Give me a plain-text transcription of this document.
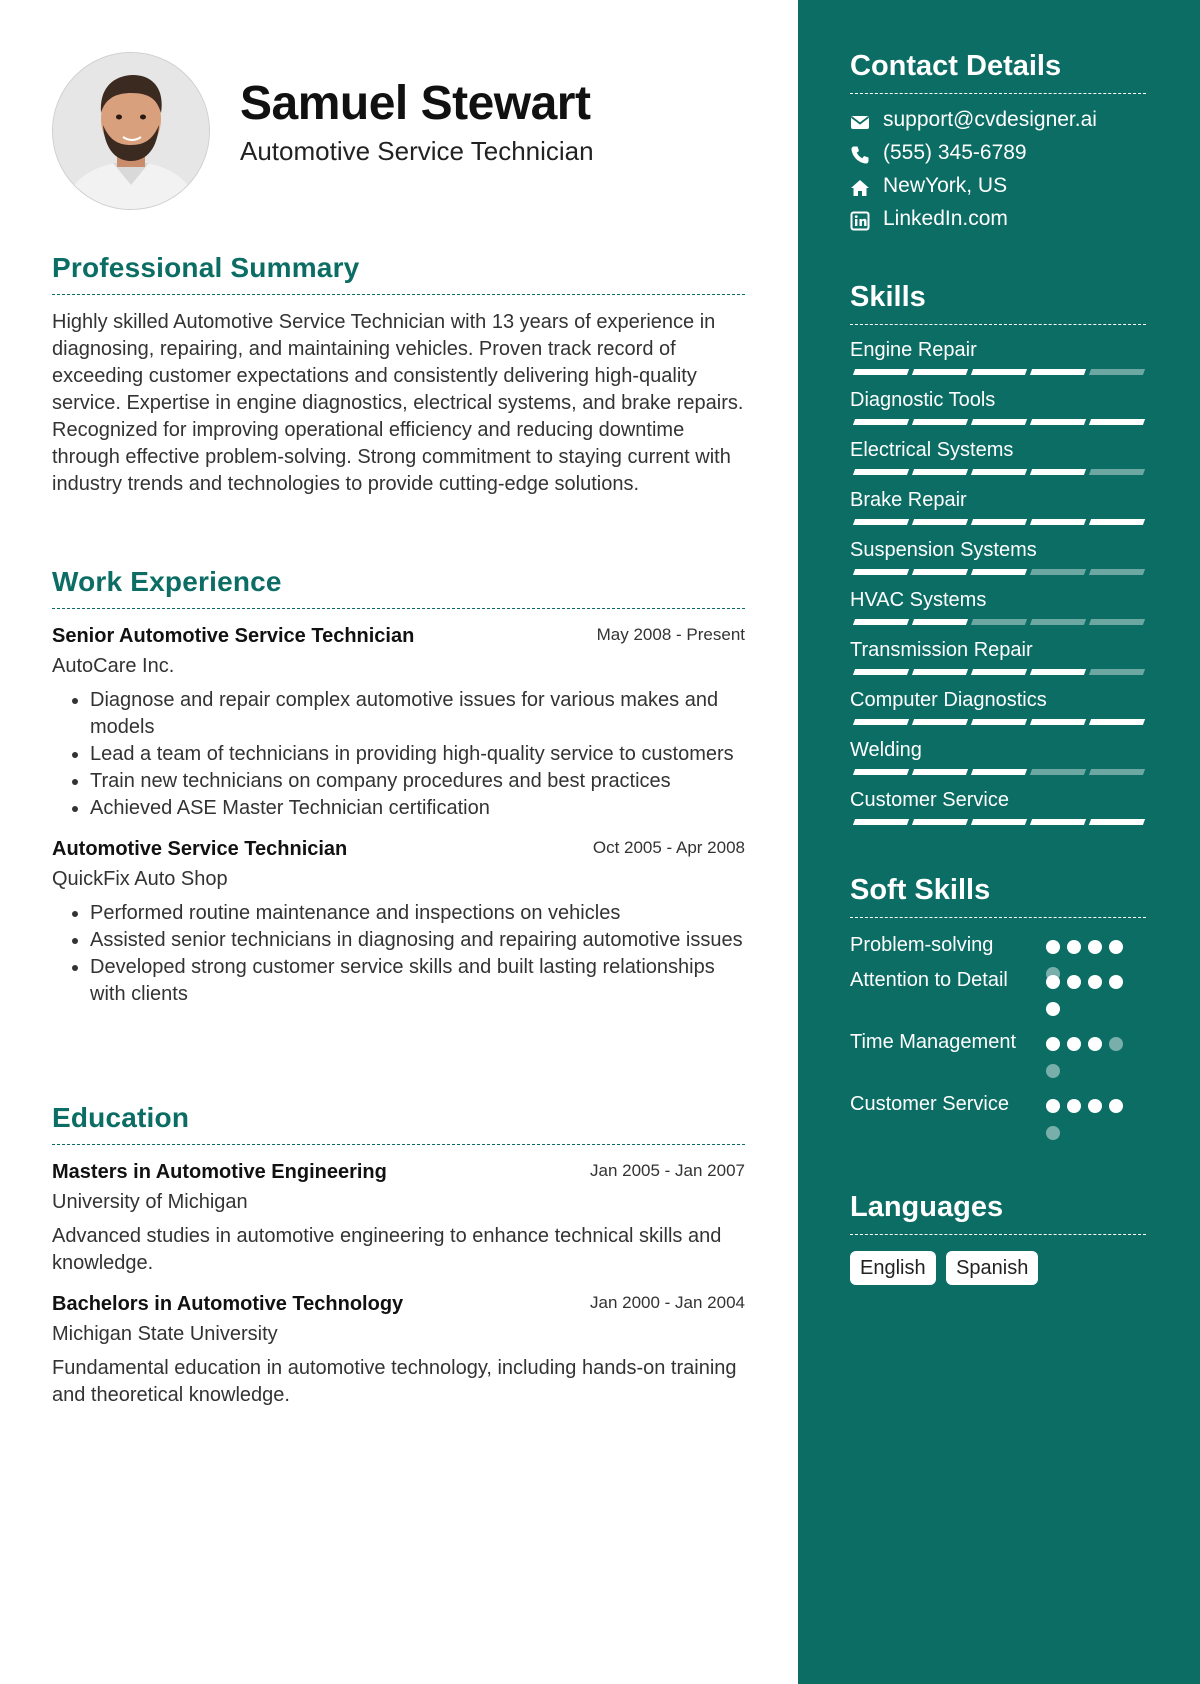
Samuel Stewart
Automotive Service Technician
Professional Summary
Highly skilled Automotive Service Technician with 13 years of experience in diagnosing, repairing, and maintaining vehicles. Proven track record of exceeding customer expectations and consistently delivering high-quality service. Expertise in engine diagnostics, electrical systems, and brake repairs. Recognized for improving operational efficiency and reducing downtime through effective problem-solving. Strong commitment to staying current with industry trends and technologies to provide cutting-edge solutions.
Work Experience
Senior Automotive Service Technician	May 2008 - Present
AutoCare Inc.
• Diagnose and repair complex automotive issues for various makes and models
• Lead a team of technicians in providing high-quality service to customers
• Train new technicians on company procedures and best practices
• Achieved ASE Master Technician certification
Automotive Service Technician	Oct 2005 - Apr 2008
QuickFix Auto Shop
• Performed routine maintenance and inspections on vehicles
• Assisted senior technicians in diagnosing and repairing automotive issues
• Developed strong customer service skills and built lasting relationships with clients
Education
Masters in Automotive Engineering	Jan 2005 - Jan 2007
University of Michigan
Advanced studies in automotive engineering to enhance technical skills and knowledge.
Bachelors in Automotive Technology	Jan 2000 - Jan 2004
Michigan State University
Fundamental education in automotive technology, including hands-on training and theoretical knowledge.
Contact Details
support@cvdesigner.ai
(555) 345-6789
NewYork, US
LinkedIn.com
Skills
Engine Repair
Diagnostic Tools
Electrical Systems
Brake Repair
Suspension Systems
HVAC Systems
Transmission Repair
Computer Diagnostics
Welding
Customer Service
Soft Skills
Problem-solving
Attention to Detail
Time Management
Customer Service
Languages
English Spanish
